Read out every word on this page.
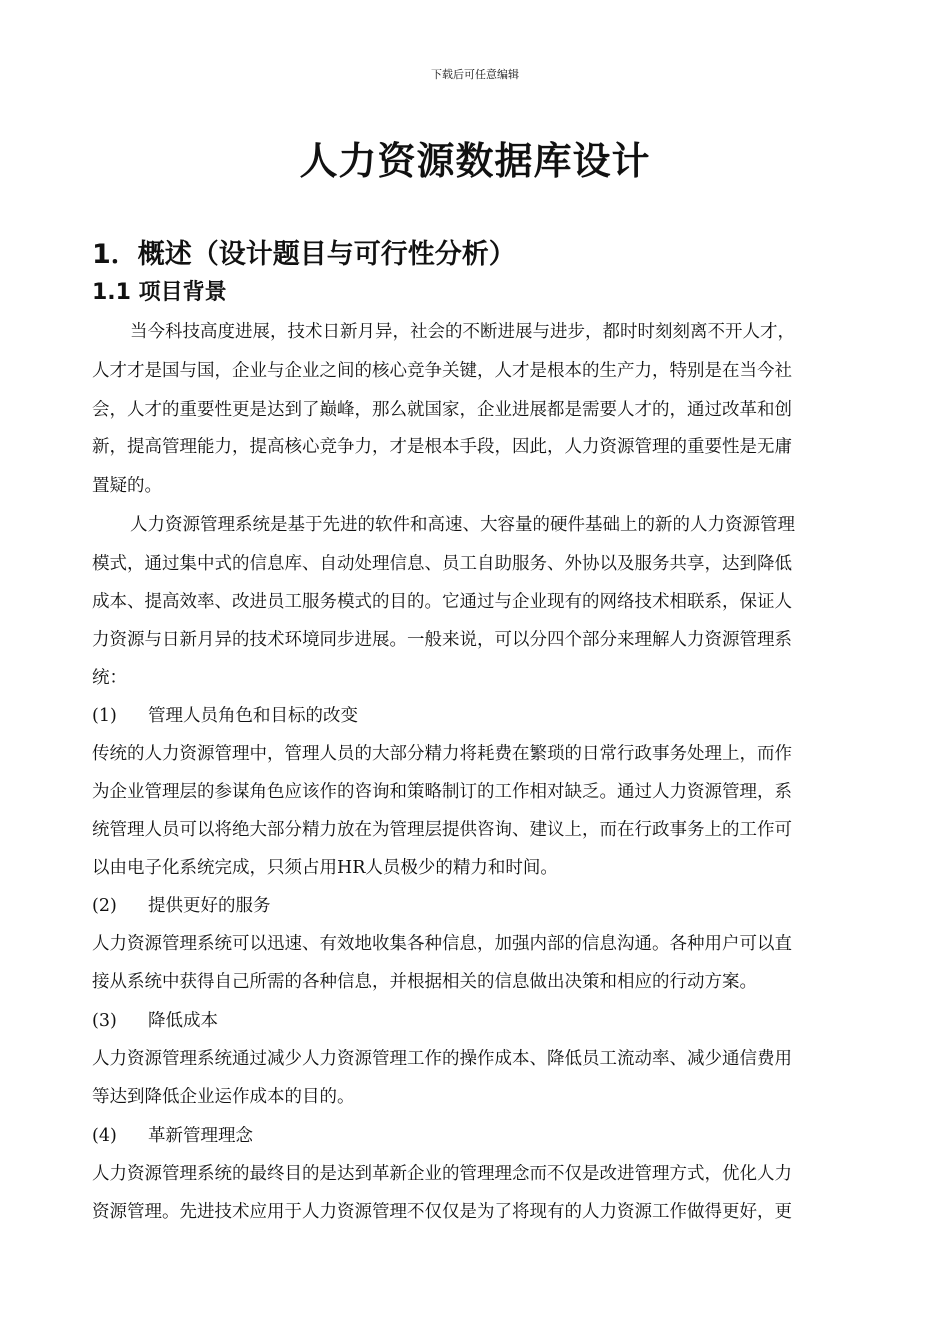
下载后可任意编辑
人力资源数据库设计
1．概述（设计题目与可行性分析）
1.1 项目背景
当今科技高度进展，技术日新月异，社会的不断进展与进步，都时时刻刻离不开人才，
人才才是国与国，企业与企业之间的核心竞争关键，人才是根本的生产力，特别是在当今社
会，人才的重要性更是达到了巅峰，那么就国家，企业进展都是需要人才的，通过改革和创
新，提高管理能力，提高核心竞争力，才是根本手段，因此，人力资源管理的重要性是无庸
置疑的。
人力资源管理系统是基于先进的软件和高速、大容量的硬件基础上的新的人力资源管理
模式，通过集中式的信息库、自动处理信息、员工自助服务、外协以及服务共享，达到降低
成本、提高效率、改进员工服务模式的目的。它通过与企业现有的网络技术相联系，保证人
力资源与日新月异的技术环境同步进展。一般来说，可以分四个部分来理解人力资源管理系
统：
(1) 管理人员角色和目标的改变
传统的人力资源管理中，管理人员的大部分精力将耗费在繁琐的日常行政事务处理上，而作
为企业管理层的参谋角色应该作的咨询和策略制订的工作相对缺乏。通过人力资源管理，系
统管理人员可以将绝大部分精力放在为管理层提供咨询、建议上，而在行政事务上的工作可
以由电子化系统完成，只须占用HR人员极少的精力和时间。
(2) 提供更好的服务
人力资源管理系统可以迅速、有效地收集各种信息，加强内部的信息沟通。各种用户可以直
接从系统中获得自己所需的各种信息，并根据相关的信息做出决策和相应的行动方案。
(3) 降低成本
人力资源管理系统通过减少人力资源管理工作的操作成本、降低员工流动率、减少通信费用
等达到降低企业运作成本的目的。
(4) 革新管理理念
人力资源管理系统的最终目的是达到革新企业的管理理念而不仅是改进管理方式，优化人力
资源管理。先进技术应用于人力资源管理不仅仅是为了将现有的人力资源工作做得更好，更
